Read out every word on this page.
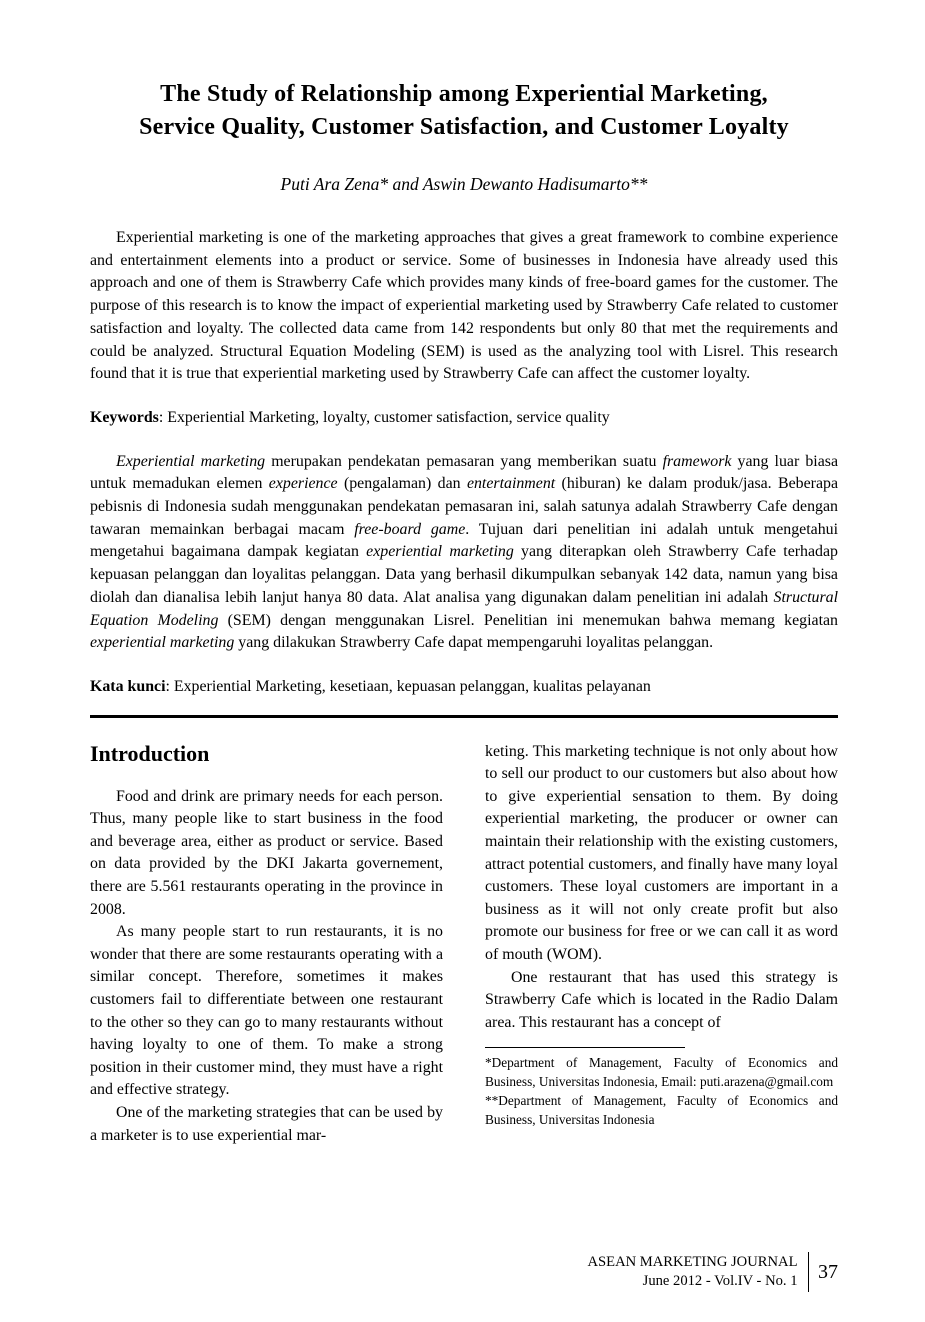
The Study of Relationship among Experiential Marketing,
Service Quality, Customer Satisfaction, and Customer Loyalty
Puti Ara Zena* and Aswin Dewanto Hadisumarto**

Experiential marketing is one of the marketing approaches that gives a great framework to combine experience and entertainment elements into a product or service. Some of businesses in Indonesia have already used this approach and one of them is Strawberry Cafe which provides many kinds of free-board games for the customer. The purpose of this research is to know the impact of experiential marketing used by Strawberry Cafe related to customer satisfaction and loyalty. The collected data came from 142 respondents but only 80 that met the requirements and could be analyzed. Structural Equation Modeling (SEM) is used as the analyzing tool with Lisrel. This research found that it is true that experiential marketing used by Strawberry Cafe can affect the customer loyalty.

Keywords: Experiential Marketing, loyalty, customer satisfaction, service quality

Experiential marketing merupakan pendekatan pemasaran yang memberikan suatu framework yang luar biasa untuk memadukan elemen experience (pengalaman) dan entertainment (hiburan) ke dalam produk/jasa. Beberapa pebisnis di Indonesia sudah menggunakan pendekatan pemasaran ini, salah satunya adalah Strawberry Cafe dengan tawaran memainkan berbagai macam free-board game. Tujuan dari penelitian ini adalah untuk mengetahui mengetahui bagaimana dampak kegiatan experiential marketing yang diterapkan oleh Strawberry Cafe terhadap kepuasan pelanggan dan loyalitas pelanggan. Data yang berhasil dikumpulkan sebanyak 142 data, namun yang bisa diolah dan dianalisa lebih lanjut hanya 80 data. Alat analisa yang digunakan dalam penelitian ini adalah Structural Equation Modeling (SEM) dengan menggunakan Lisrel. Penelitian ini menemukan bahwa memang kegiatan experiential marketing yang dilakukan Strawberry Cafe dapat mempengaruhi loyalitas pelanggan.

Kata kunci: Experiential Marketing, kesetiaan, kepuasan pelanggan, kualitas pelayanan

Introduction

Food and drink are primary needs for each person. Thus, many people like to start business in the food and beverage area, either as product or service. Based on data provided by the DKI Jakarta governement, there are 5.561 restaurants operating in the province in 2008.

As many people start to run restaurants, it is no wonder that there are some restaurants operating with a similar concept. Therefore, sometimes it makes customers fail to differentiate between one restaurant to the other so they can go to many restaurants without having loyalty to one of them. To make a strong position in their customer mind, they must have a right and effective strategy.

One of the marketing strategies that can be used by a marketer is to use experiential mar-

keting. This marketing technique is not only about how to sell our product to our customers but also about how to give experiential sensation to them. By doing experiential marketing, the producer or owner can maintain their relationship with the existing customers, attract potential customers, and finally have many loyal customers. These loyal customers are important in a business as it will not only create profit but also promote our business for free or we can call it as word of mouth (WOM).

One restaurant that has used this strategy is Strawberry Cafe which is located in the Radio Dalam area. This restaurant has a concept of

*Department of Management, Faculty of Economics and Business, Universitas Indonesia, Email: puti.arazena@gmail.com

**Department of Management, Faculty of Economics and Business, Universitas Indonesia

ASEAN MARKETING JOURNAL
June 2012 - Vol.IV - No. 1 37
